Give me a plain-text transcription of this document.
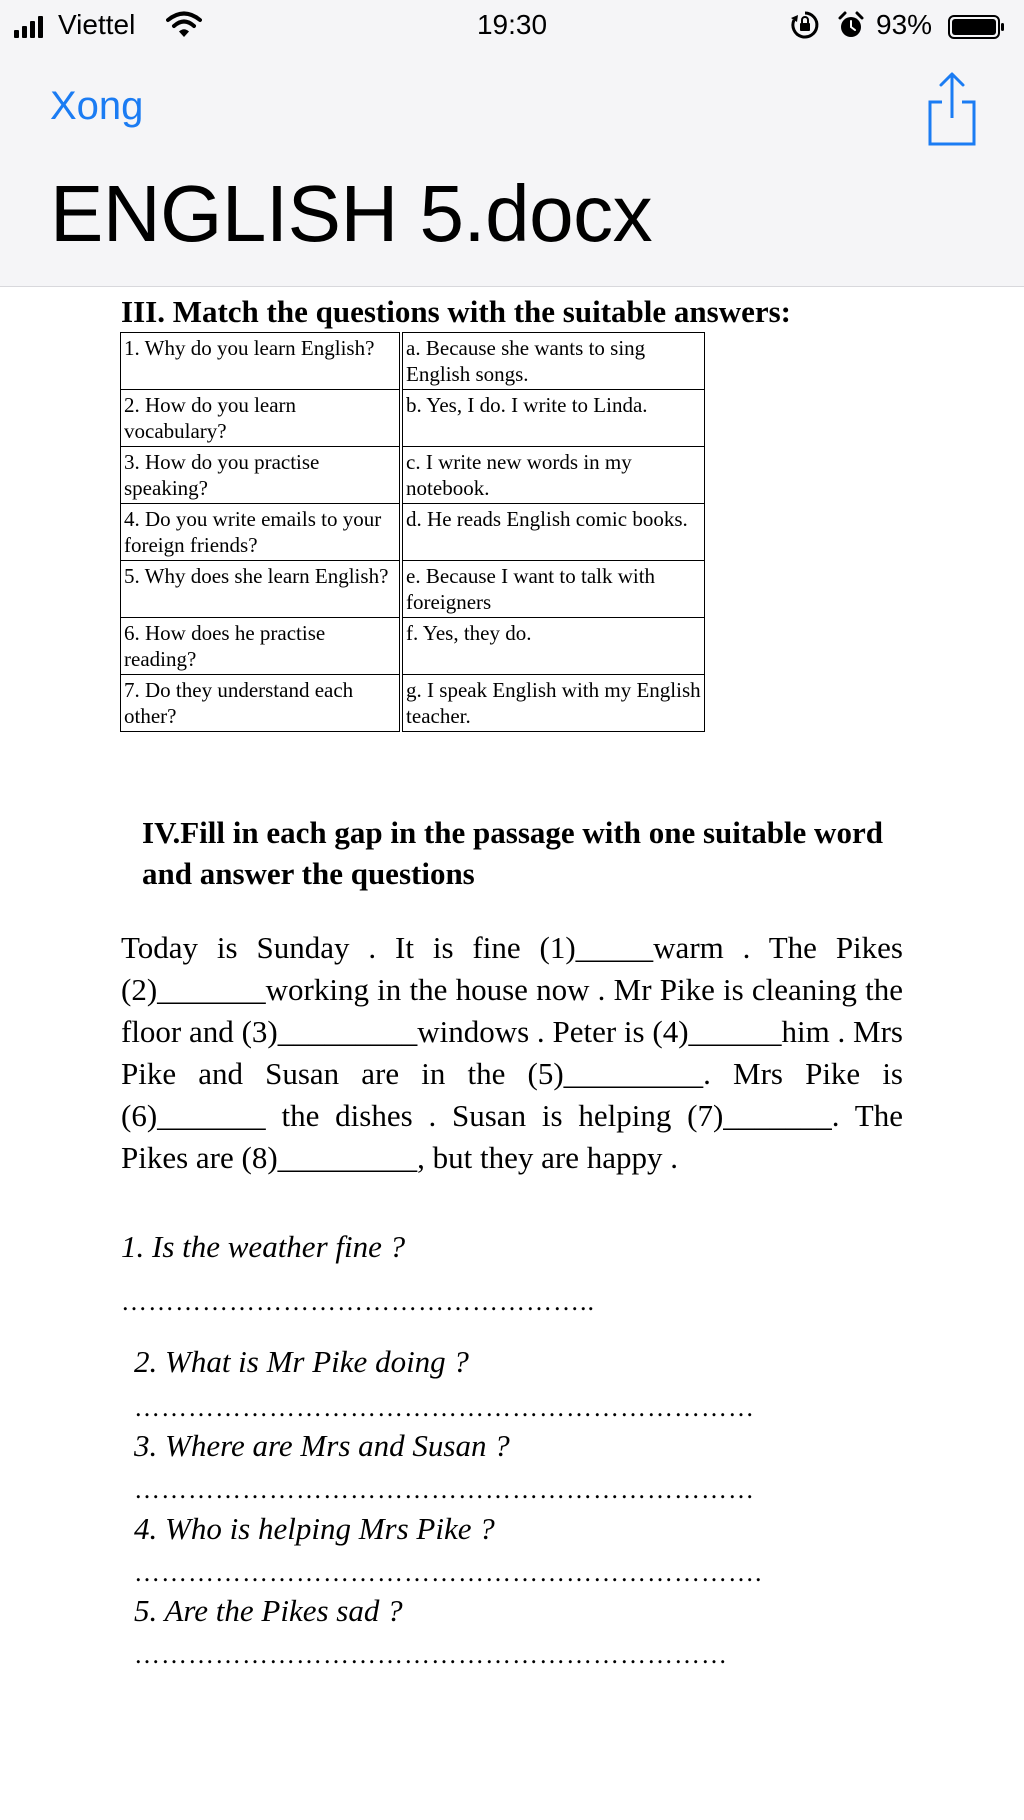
Viettel	19:30	93%
Xong
ENGLISH 5.docx
III. Match the questions with the suitable answers:
1. Why do you learn English?	a. Because she wants to sing English songs.
2. How do you learn vocabulary?	b. Yes, I do. I write to Linda.
3. How do you practise speaking?	c. I write new words in my notebook.
4. Do you write emails to your foreign friends?	d. He reads English comic books.
5. Why does she learn English?	e. Because I want to talk with foreigners
6. How does he practise reading?	f. Yes, they do.
7. Do they understand each other?	g. I speak English with my English teacher.
IV.Fill in each gap in the passage with one suitable word and answer the questions

Today is Sunday . It is fine (1)_____warm . The Pikes (2)_______working in the house now . Mr Pike is cleaning the floor and (3)_________windows . Peter is (4)______him . Mrs Pike and Susan are in the (5)_________. Mrs Pike is (6)_______ the dishes . Susan is helping (7)_______. The Pikes are (8)_________, but they are happy .

1. Is the weather fine ?
……………………………………………..
2. What is Mr Pike doing ?
……………………………………………………………
3. Where are Mrs and Susan ?
……………………………………………………………
4. Who is helping Mrs Pike ?
…………………………………………………………….
5. Are the Pikes sad ?
…………………………………………………………
